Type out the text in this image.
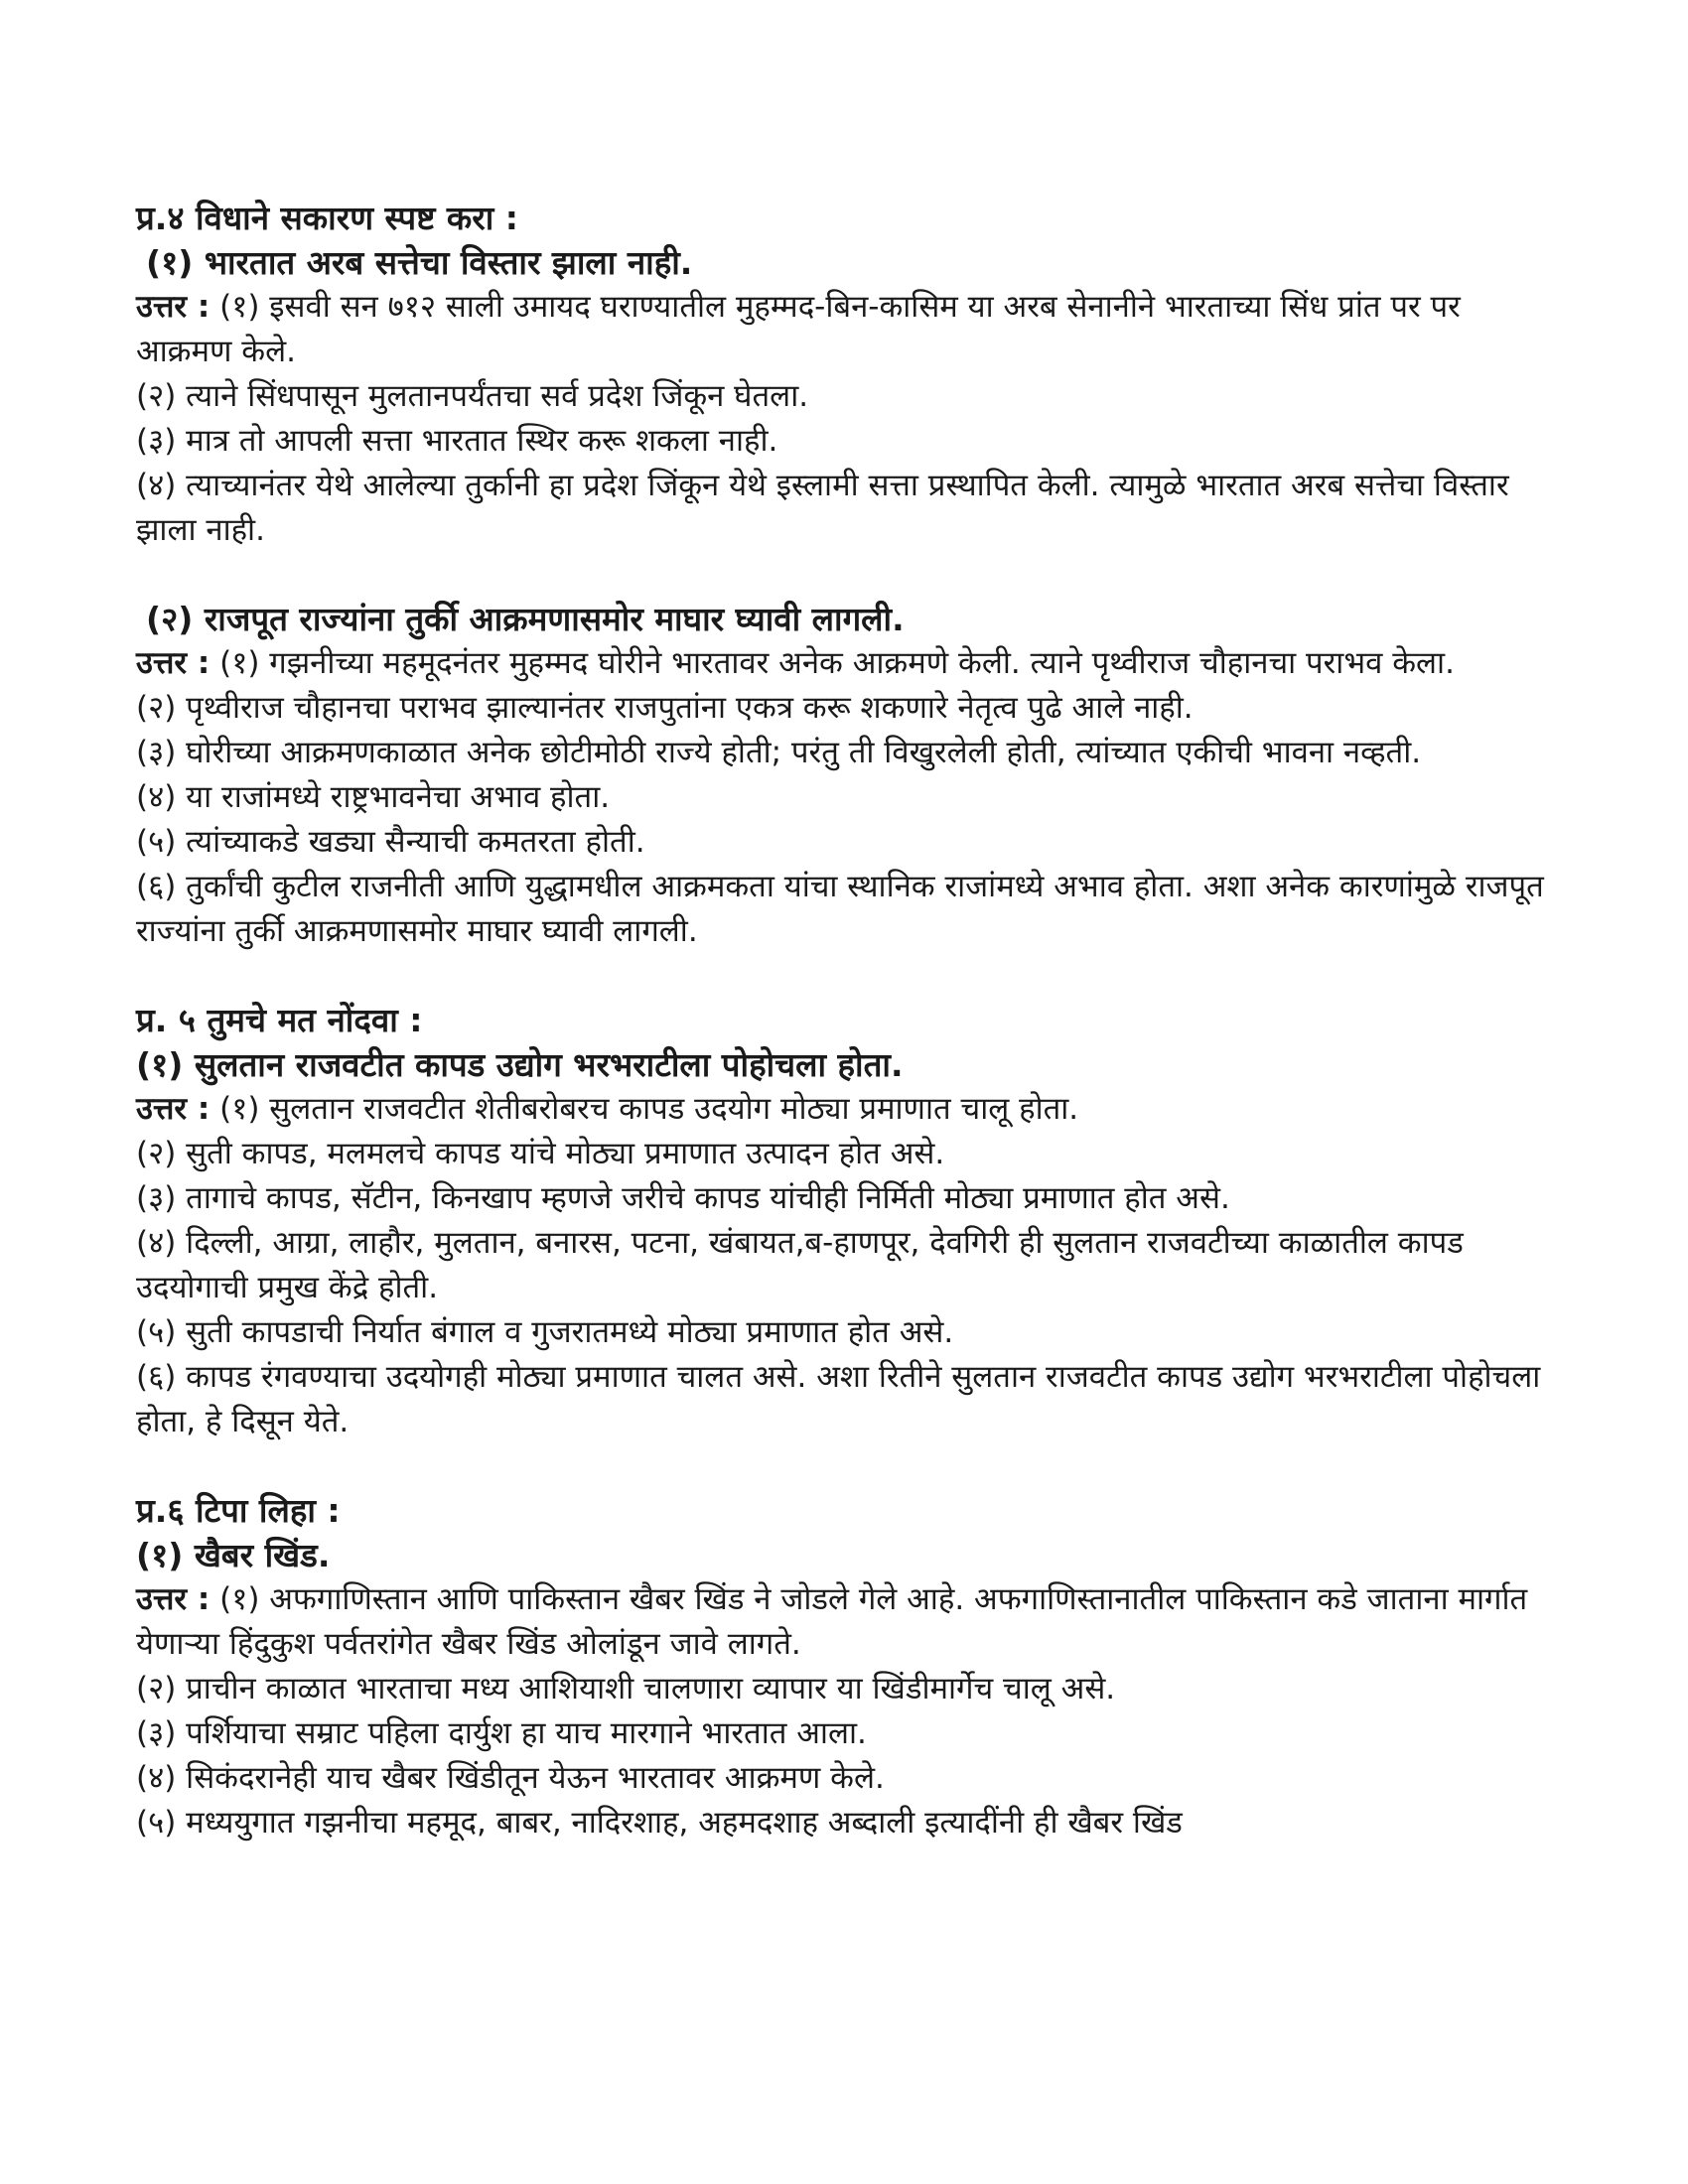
प्र.४ विधाने सकारण स्पष्ट करा :

(१) भारतात अरब सत्तेचा विस्तार झाला नाही.

उत्तर : (१) इसवी सन ७१२ साली उमायद घराण्यातील मुहम्मद-बिन-कासिम या अरब सेनानीने भारताच्या सिंध प्रांत पर पर आक्रमण केले.

(२) त्याने सिंधपासून मुलतानपर्यंतचा सर्व प्रदेश जिंकून घेतला.

(३) मात्र तो आपली सत्ता भारतात स्थिर करू शकला नाही.

(४) त्याच्यानंतर येथे आलेल्या तुर्कानी हा प्रदेश जिंकून येथे इस्लामी सत्ता प्रस्थापित केली. त्यामुळे भारतात अरब सत्तेचा विस्तार झाला नाही.

(२) राजपूत राज्यांना तुर्की आक्रमणासमोर माघार घ्यावी लागली.

उत्तर : (१) गझनीच्या महमूदनंतर मुहम्मद घोरीने भारतावर अनेक आक्रमणे केली. त्याने पृथ्वीराज चौहानचा पराभव केला.

(२) पृथ्वीराज चौहानचा पराभव झाल्यानंतर राजपुतांना एकत्र करू शकणारे नेतृत्व पुढे आले नाही.

(३) घोरीच्या आक्रमणकाळात अनेक छोटीमोठी राज्ये होती; परंतु ती विखुरलेली होती, त्यांच्यात एकीची भावना नव्हती.

(४) या राजांमध्ये राष्ट्रभावनेचा अभाव होता.

(५) त्यांच्याकडे खड्या सैन्याची कमतरता होती.

(६) तुर्कांची कुटील राजनीती आणि युद्धामधील आक्रमकता यांचा स्थानिक राजांमध्ये अभाव होता. अशा अनेक कारणांमुळे राजपूत राज्यांना तुर्की आक्रमणासमोर माघार घ्यावी लागली.

प्र. ५ तुमचे मत नोंदवा :

(१) सुलतान राजवटीत कापड उद्योग भरभराटीला पोहोचला होता.

उत्तर : (१) सुलतान राजवटीत शेतीबरोबरच कापड उदयोग मोठ्या प्रमाणात चालू होता.

(२) सुती कापड, मलमलचे कापड यांचे मोठ्या प्रमाणात उत्पादन होत असे.

(३) तागाचे कापड, सॅटीन, किनखाप म्हणजे जरीचे कापड यांचीही निर्मिती मोठ्या प्रमाणात होत असे.

(४) दिल्ली, आग्रा, लाहौर, मुलतान, बनारस, पटना, खंबायत,ब-हाणपूर, देवगिरी ही सुलतान राजवटीच्या काळातील कापड उदयोगाची प्रमुख केंद्रे होती.

(५) सुती कापडाची निर्यात बंगाल व गुजरातमध्ये मोठ्या प्रमाणात होत असे.

(६) कापड रंगवण्याचा उदयोगही मोठ्या प्रमाणात चालत असे. अशा रितीने सुलतान राजवटीत कापड उद्योग भरभराटीला पोहोचला होता, हे दिसून येते.

प्र.६ टिपा लिहा :

(१) खैबर खिंड.

उत्तर : (१) अफगाणिस्तान आणि पाकिस्तान खैबर खिंड ने जोडले गेले आहे. अफगाणिस्तानातील पाकिस्तान कडे जाताना मार्गात येणाऱ्या हिंदुकुश पर्वतरांगेत खैबर खिंड ओलांडून जावे लागते.

(२) प्राचीन काळात भारताचा मध्य आशियाशी चालणारा व्यापार या खिंडीमार्गेच चालू असे.

(३) पर्शियाचा सम्राट पहिला दार्युश हा याच मारगाने भारतात आला.

(४) सिकंदरानेही याच खैबर खिंडीतून येऊन भारतावर आक्रमण केले.

(५) मध्ययुगात गझनीचा महमूद, बाबर, नादिरशाह, अहमदशाह अब्दाली इत्यादींनी ही खैबर खिंड
